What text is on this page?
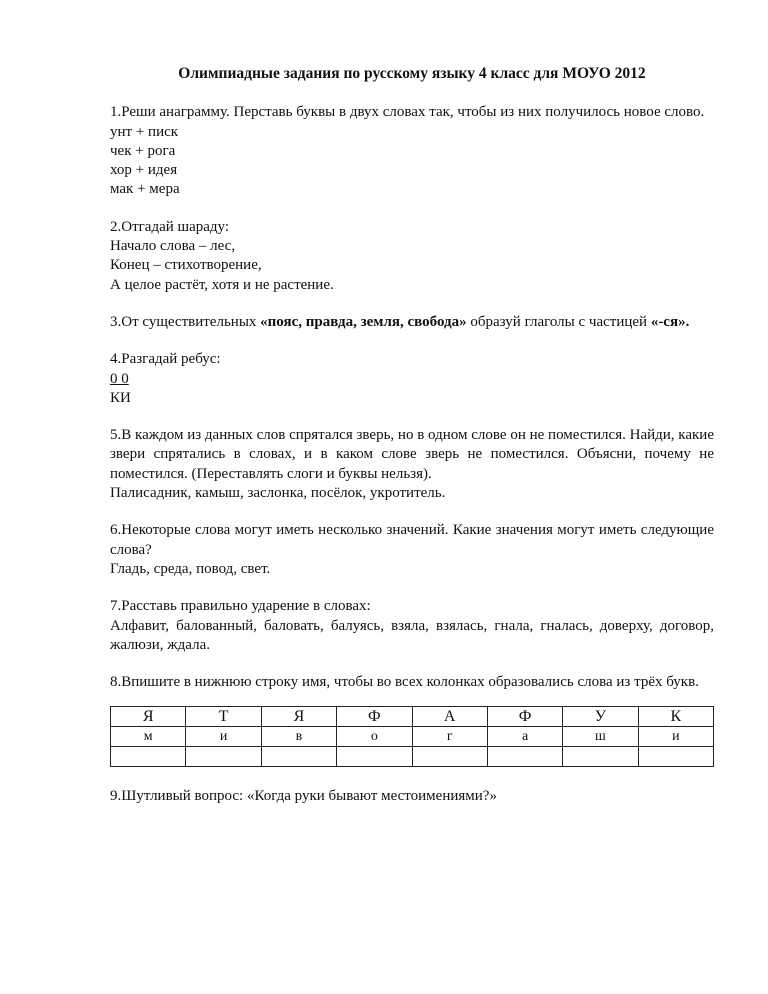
Олимпиадные задания по русскому языку 4 класс для МОУО 2012

1.Реши анаграмму. Перставь буквы в двух словах так, чтобы из них получилось новое слово.

унт + писк

чек + рога

хор + идея

мак + мера

2.Отгадай шараду:

Начало слова – лес,

Конец – стихотворение,

А целое растёт, хотя и не растение.

3.От существительных «пояс, правда, земля, свобода» образуй глаголы с частицей «-ся».

4.Разгадай ребус:

0 0

КИ

5.В каждом из данных слов спрятался зверь, но в одном слове он не поместился. Найди, какие звери спрятались в словах, и в каком слове зверь не поместился. Объясни, почему не поместился. (Переставлять слоги и буквы нельзя).

Палисадник, камыш, заслонка, посёлок, укротитель.

6.Некоторые слова могут иметь несколько значений. Какие значения могут иметь следующие слова?

Гладь, среда, повод, свет.

7.Расставь правильно ударение в словах:

Алфавит, балованный, баловать, балуясь, взяла, взялась, гнала, гналась, доверху, договор, жалюзи, ждала.

8.Впишите в нижнюю строку имя, чтобы во всех колонках образовались слова из трёх букв.

Я	Т	Я	Ф	А	Ф	У	К
м	и	в	о	г	а	ш	и

9.Шутливый вопрос: «Когда руки бывают местоимениями?»
